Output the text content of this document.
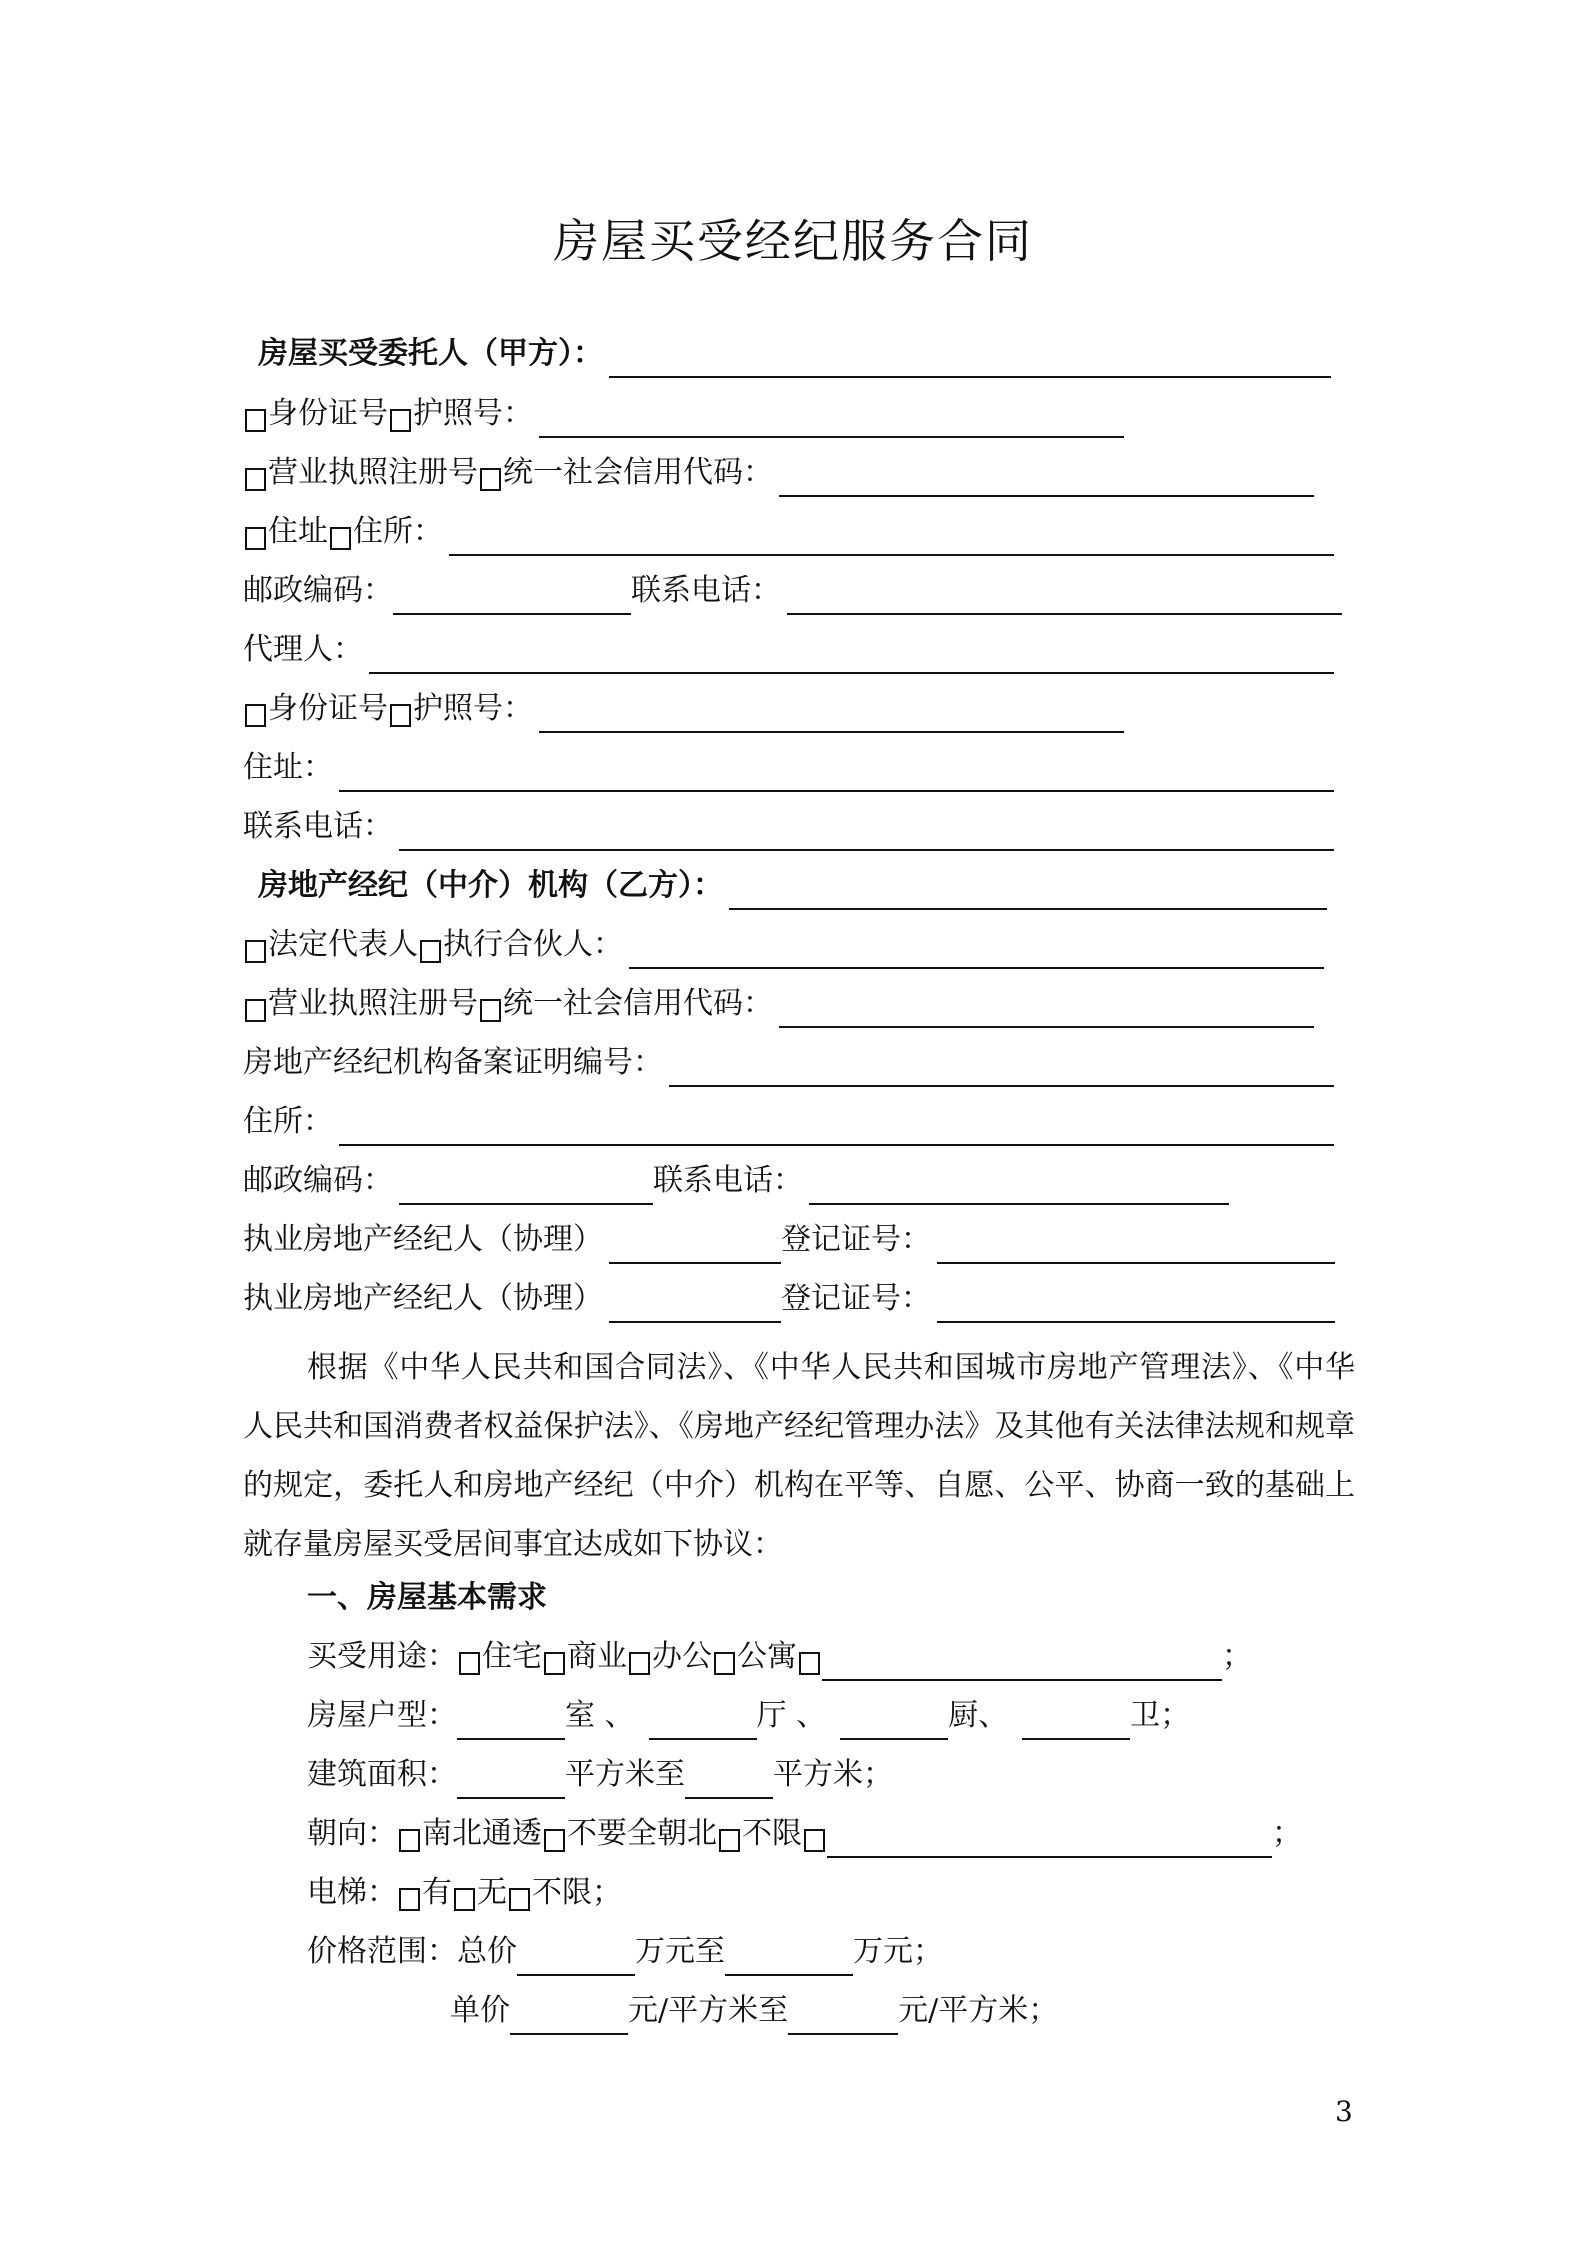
房屋买受经纪服务合同
房屋买受委托人（甲方）：
身份证号 护照号：
营业执照注册号 统一社会信用代码：
住址 住所：
邮政编码：	联系电话：
代理人：
身份证号 护照号：
住址：
联系电话：
房地产经纪（中介）机构（乙方）：
法定代表人 执行合伙人：
营业执照注册号 统一社会信用代码：
房地产经纪机构备案证明编号：
住所：
邮政编码：	联系电话：
执业房地产经纪人（协理）	登记证号：
执业房地产经纪人（协理）	登记证号：
根据《中华人民共和国合同法》、《中华人民共和国城市房地产管理法》、《中华人民共和国消费者权益保护法》、《房地产经纪管理办法》及其他有关法律法规和规章的规定，委托人和房地产经纪（中介）机构在平等、自愿、公平、协商一致的基础上就存量房屋买受居间事宜达成如下协议：
一、房屋基本需求
买受用途： 住宅 商业 办公 公寓	；
房屋户型：	室 、	厅 、	厨、	卫；
建筑面积：	平方米至	平方米；
朝向： 南北通透 不要全朝北 不限	；
电梯： 有 无 不限；
价格范围：总价	万元至	万元；
单价	元/平方米至	元/平方米；
3
